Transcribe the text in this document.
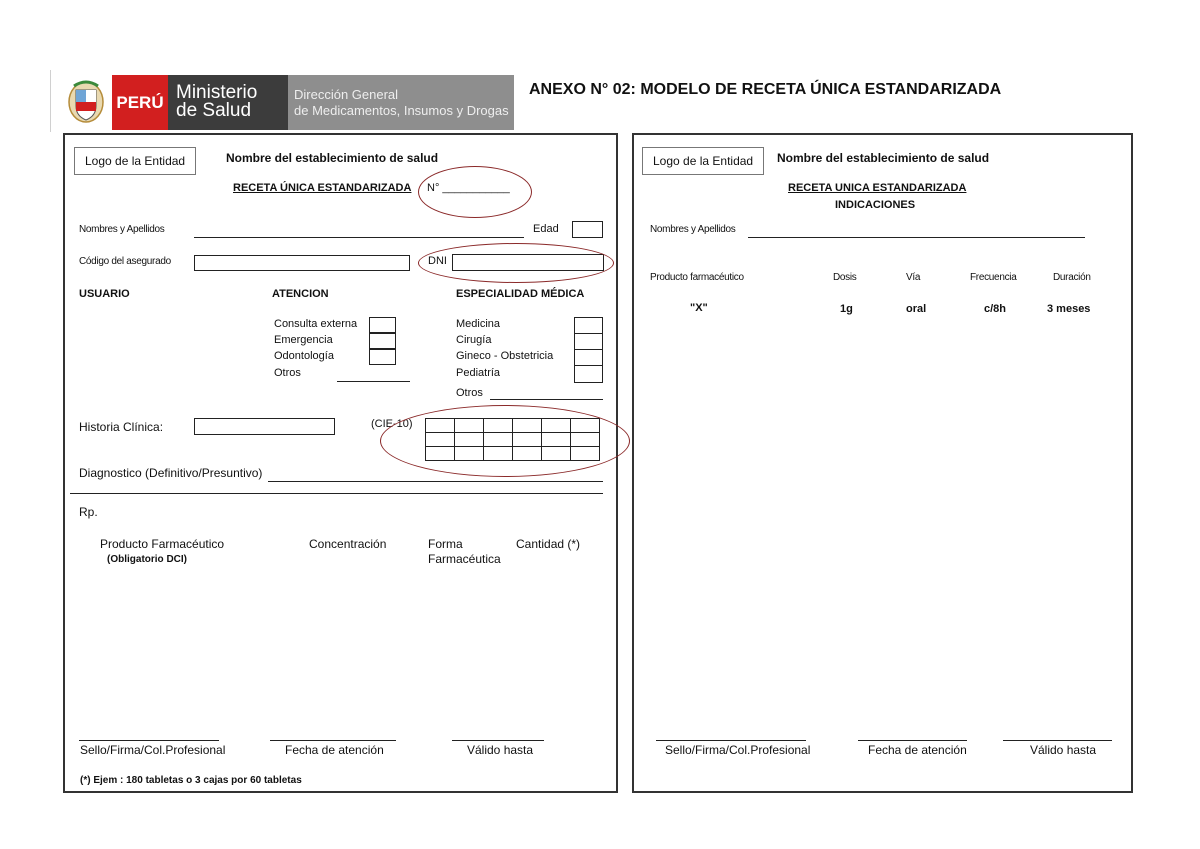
PERÚ Ministerio
de Salud
Dirección General
de Medicamentos, Insumos y Drogas
ANEXO N° 02: MODELO DE RECETA ÚNICA ESTANDARIZADA
Logo de la Entidad	Nombre del establecimiento de salud
RECETA ÚNICA ESTANDARIZADA N° ___________
Nombres y Apellidos	Edad
Código del asegurado	DNI
USUARIO	ATENCION	ESPECIALIDAD MÉDICA
Consulta externa
Emergencia
Odontología
Otros
Medicina
Cirugía
Gineco - Obstetricia
Pediatría
Otros
Historia Clínica:	(CIE-10)

Diagnostico (Definitivo/Presuntivo)
Rp.
Producto Farmacéutico
(Obligatorio DCI)
Concentración	Forma
Farmacéutica
Cantidad (*)
Sello/Firma/Col.Profesional	Fecha de atención	Válido hasta
(*) Ejem : 180 tabletas o 3 cajas por 60 tabletas
Logo de la Entidad	Nombre del establecimiento de salud
RECETA UNICA ESTANDARIZADA
INDICACIONES
Nombres y Apellidos
Producto farmacéutico	Dosis	Vía	Frecuencia	Duración
"X"	1g	oral	c/8h	3 meses
Sello/Firma/Col.Profesional	Fecha de atención	Válido hasta
